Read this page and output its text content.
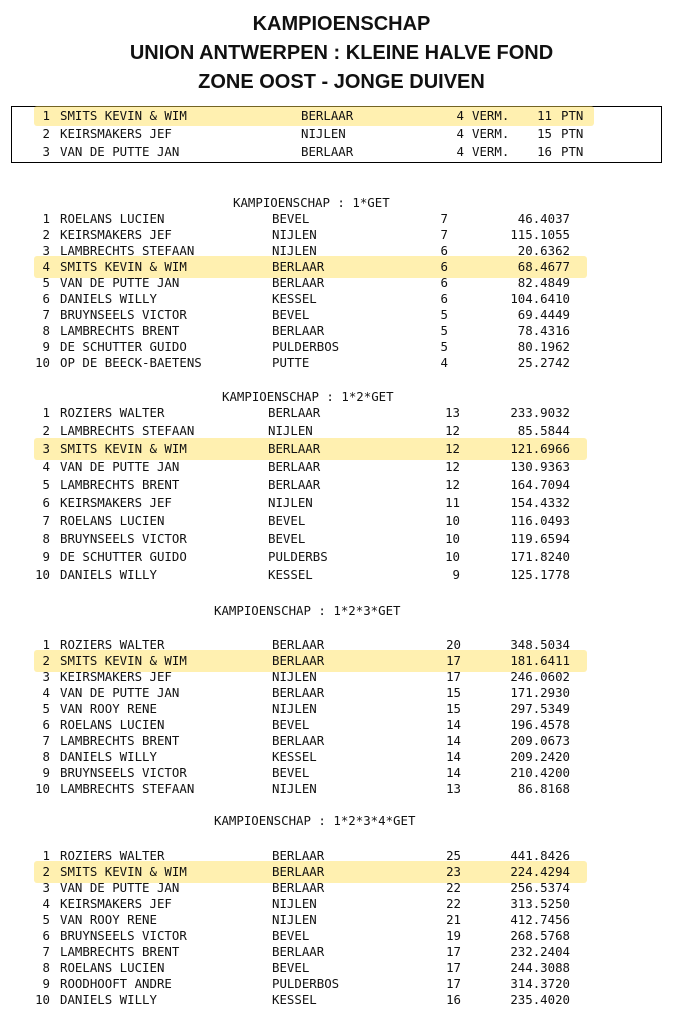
KAMPIOENSCHAP
UNION ANTWERPEN : KLEINE HALVE FOND
ZONE OOST - JONGE DUIVEN
1 SMITS KEVIN & WIM	BERLAAR	4 VERM.	11 PTN
2 KEIRSMAKERS JEF	NIJLEN	4 VERM.	15 PTN
3 VAN DE PUTTE JAN	BERLAAR	4 VERM.	16 PTN
KAMPIOENSCHAP : 1*GET
1 ROELANS LUCIEN	BEVEL	7	46.4037
2 KEIRSMAKERS JEF	NIJLEN	7	115.1055
3 LAMBRECHTS STEFAAN	NIJLEN	6	20.6362
4 SMITS KEVIN & WIM	BERLAAR	6	68.4677
5 VAN DE PUTTE JAN	BERLAAR	6	82.4849
6 DANIELS WILLY	KESSEL	6	104.6410
7 BRUYNSEELS VICTOR	BEVEL	5	69.4449
8 LAMBRECHTS BRENT	BERLAAR	5	78.4316
9 DE SCHUTTER GUIDO	PULDERBOS	5	80.1962
10 OP DE BEECK-BAETENS	PUTTE	4	25.2742
KAMPIOENSCHAP : 1*2*GET
1 ROZIERS WALTER	BERLAAR	13	233.9032
2 LAMBRECHTS STEFAAN	NIJLEN	12	85.5844
3 SMITS KEVIN & WIM	BERLAAR	12	121.6966
4 VAN DE PUTTE JAN	BERLAAR	12	130.9363
5 LAMBRECHTS BRENT	BERLAAR	12	164.7094
6 KEIRSMAKERS JEF	NIJLEN	11	154.4332
7 ROELANS LUCIEN	BEVEL	10	116.0493
8 BRUYNSEELS VICTOR	BEVEL	10	119.6594
9 DE SCHUTTER GUIDO	PULDERBS	10	171.8240
10 DANIELS WILLY	KESSEL	9	125.1778
KAMPIOENSCHAP : 1*2*3*GET
1 ROZIERS WALTER	BERLAAR	20	348.5034
2 SMITS KEVIN & WIM	BERLAAR	17	181.6411
3 KEIRSMAKERS JEF	NIJLEN	17	246.0602
4 VAN DE PUTTE JAN	BERLAAR	15	171.2930
5 VAN ROOY RENE	NIJLEN	15	297.5349
6 ROELANS LUCIEN	BEVEL	14	196.4578
7 LAMBRECHTS BRENT	BERLAAR	14	209.0673
8 DANIELS WILLY	KESSEL	14	209.2420
9 BRUYNSEELS VICTOR	BEVEL	14	210.4200
10 LAMBRECHTS STEFAAN	NIJLEN	13	86.8168
KAMPIOENSCHAP : 1*2*3*4*GET
1 ROZIERS WALTER	BERLAAR	25	441.8426
2 SMITS KEVIN & WIM	BERLAAR	23	224.4294
3 VAN DE PUTTE JAN	BERLAAR	22	256.5374
4 KEIRSMAKERS JEF	NIJLEN	22	313.5250
5 VAN ROOY RENE	NIJLEN	21	412.7456
6 BRUYNSEELS VICTOR	BEVEL	19	268.5768
7 LAMBRECHTS BRENT	BERLAAR	17	232.2404
8 ROELANS LUCIEN	BEVEL	17	244.3088
9 ROODHOOFT ANDRE	PULDERBOS	17	314.3720
10 DANIELS WILLY	KESSEL	16	235.4020
